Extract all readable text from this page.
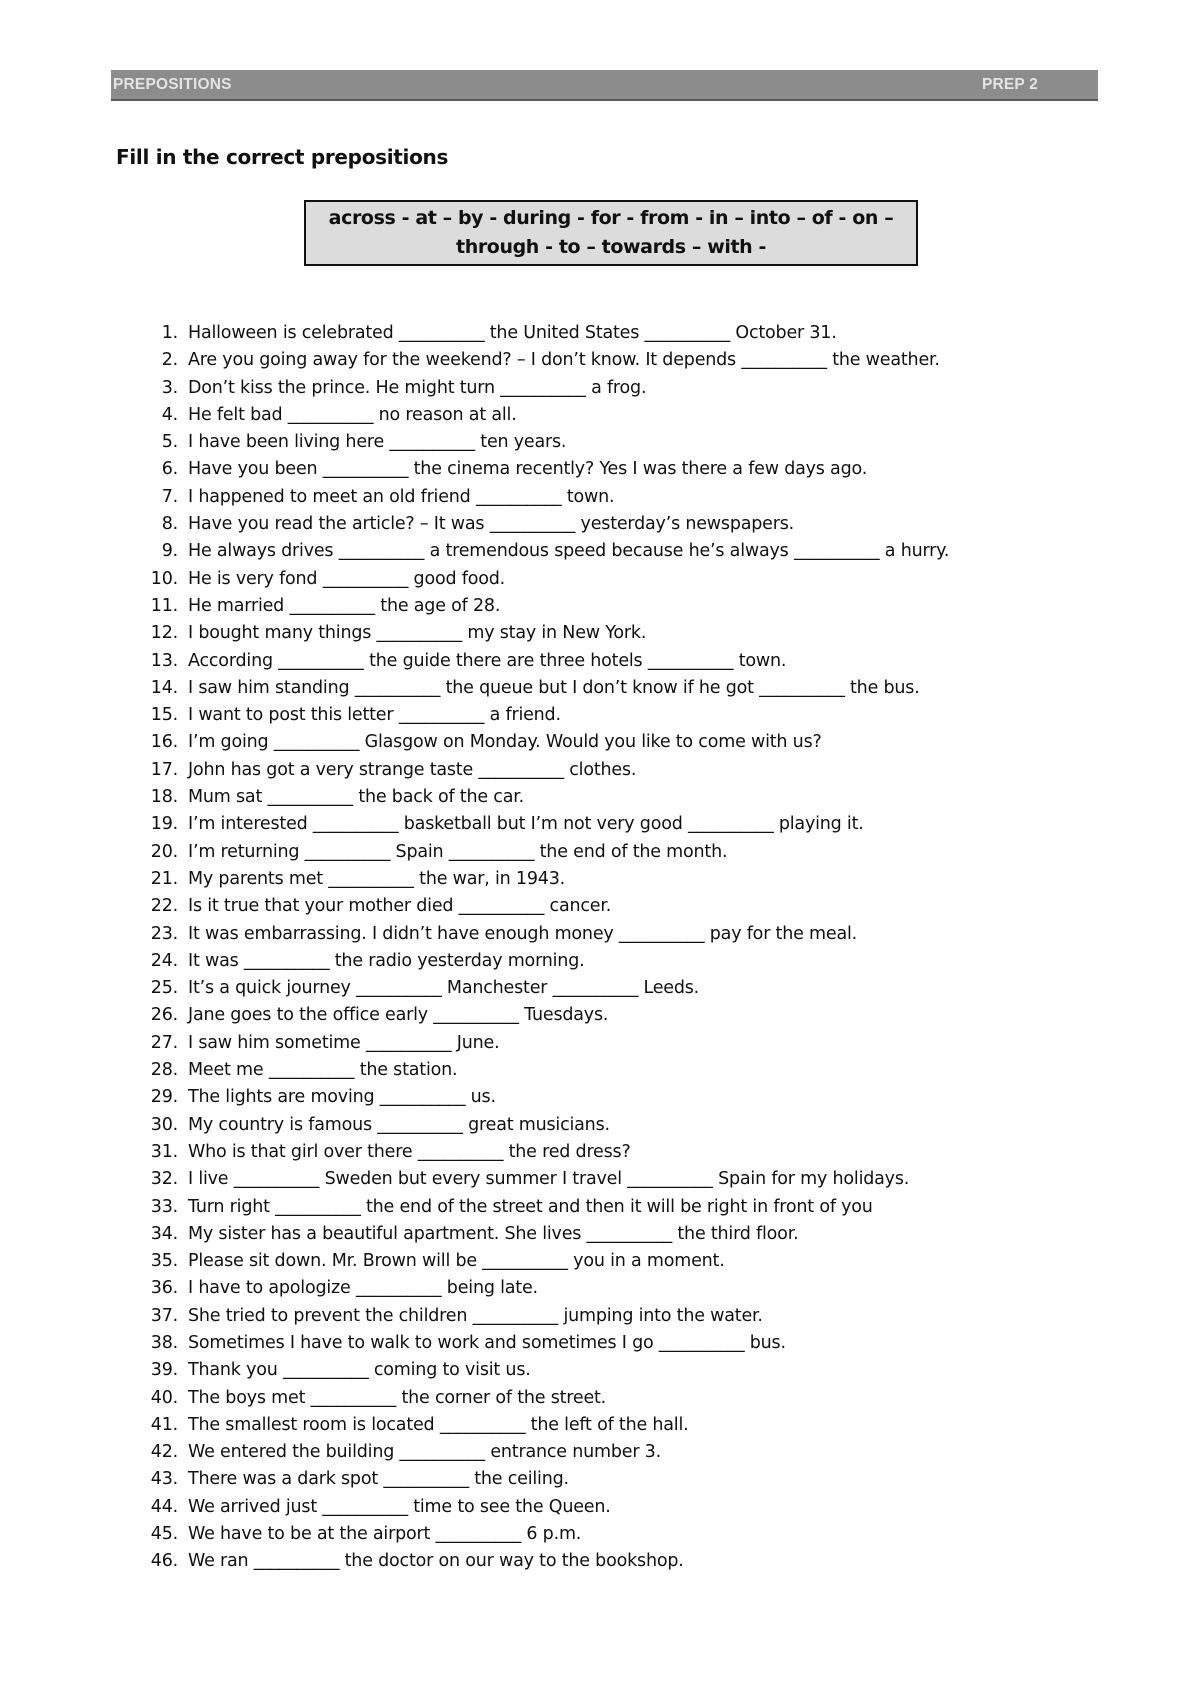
PREPOSITIONS	PREP 2
Fill in the correct prepositions
across - at – by - during - for - from - in – into – of - on –
through - to – towards – with -
1. Halloween is celebrated __________ the United States __________ October 31.
2. Are you going away for the weekend? – I don’t know. It depends __________ the weather.
3. Don’t kiss the prince. He might turn __________ a frog.
4. He felt bad __________ no reason at all.
5. I have been living here __________ ten years.
6. Have you been __________ the cinema recently? Yes I was there a few days ago.
7. I happened to meet an old friend __________ town.
8. Have you read the article? – It was __________ yesterday’s newspapers.
9. He always drives __________ a tremendous speed because he’s always __________ a hurry.
10. He is very fond __________ good food.
11. He married __________ the age of 28.
12. I bought many things __________ my stay in New York.
13. According __________ the guide there are three hotels __________ town.
14. I saw him standing __________ the queue but I don’t know if he got __________ the bus.
15. I want to post this letter __________ a friend.
16. I’m going __________ Glasgow on Monday. Would you like to come with us?
17. John has got a very strange taste __________ clothes.
18. Mum sat __________ the back of the car.
19. I’m interested __________ basketball but I’m not very good __________ playing it.
20. I’m returning __________ Spain __________ the end of the month.
21. My parents met __________ the war, in 1943.
22. Is it true that your mother died __________ cancer.
23. It was embarrassing. I didn’t have enough money __________ pay for the meal.
24. It was __________ the radio yesterday morning.
25. It’s a quick journey __________ Manchester __________ Leeds.
26. Jane goes to the office early __________ Tuesdays.
27. I saw him sometime __________ June.
28. Meet me __________ the station.
29. The lights are moving __________ us.
30. My country is famous __________ great musicians.
31. Who is that girl over there __________ the red dress?
32. I live __________ Sweden but every summer I travel __________ Spain for my holidays.
33. Turn right __________ the end of the street and then it will be right in front of you
34. My sister has a beautiful apartment. She lives __________ the third floor.
35. Please sit down. Mr. Brown will be __________ you in a moment.
36. I have to apologize __________ being late.
37. She tried to prevent the children __________ jumping into the water.
38. Sometimes I have to walk to work and sometimes I go __________ bus.
39. Thank you __________ coming to visit us.
40. The boys met __________ the corner of the street.
41. The smallest room is located __________ the left of the hall.
42. We entered the building __________ entrance number 3.
43. There was a dark spot __________ the ceiling.
44. We arrived just __________ time to see the Queen.
45. We have to be at the airport __________ 6 p.m.
46. We ran __________ the doctor on our way to the bookshop.
